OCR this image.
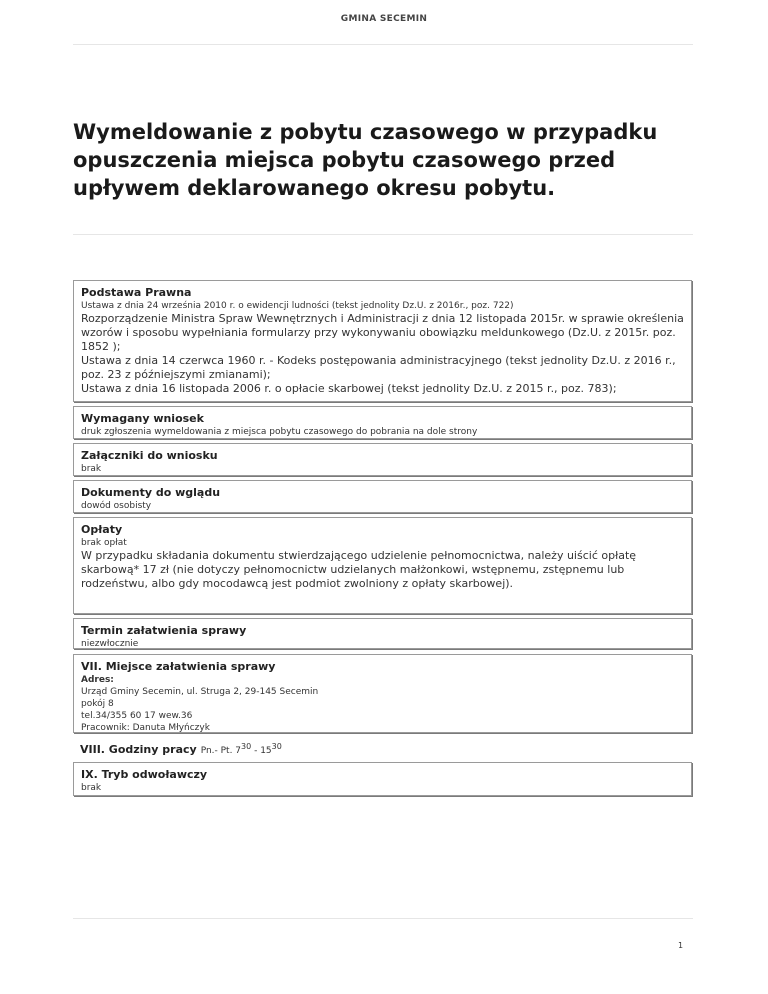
GMINA SECEMIN
Wymeldowanie z pobytu czasowego w przypadku opuszczenia miejsca pobytu czasowego przed upływem deklarowanego okresu pobytu.
Podstawa Prawna
Ustawa z dnia 24 września 2010 r. o ewidencji ludności (tekst jednolity Dz.U. z 2016r., poz. 722)
Rozporządzenie Ministra Spraw Wewnętrznych i Administracji z dnia 12 listopada 2015r. w sprawie określenia wzorów i sposobu wypełniania formularzy przy wykonywaniu obowiązku meldunkowego (Dz.U. z 2015r. poz. 1852 );
Ustawa z dnia 14 czerwca 1960 r. - Kodeks postępowania administracyjnego (tekst jednolity Dz.U. z 2016 r., poz. 23 z późniejszymi zmianami);
Ustawa z dnia 16 listopada 2006 r. o opłacie skarbowej (tekst jednolity Dz.U. z 2015 r., poz. 783);
Wymagany wniosek
druk zgłoszenia wymeldowania z miejsca pobytu czasowego do pobrania na dole strony
Załączniki do wniosku
brak
Dokumenty do wglądu
dowód osobisty
Opłaty
brak opłat
W przypadku składania dokumentu stwierdzającego udzielenie pełnomocnictwa, należy uiścić opłatę skarbową* 17 zł (nie dotyczy pełnomocnictw udzielanych małżonkowi, wstępnemu, zstępnemu lub rodzeństwu, albo gdy mocodawcą jest podmiot zwolniony z opłaty skarbowej).
Termin załatwienia sprawy
niezwłocznie
VII. Miejsce załatwienia sprawy
Adres:
Urząd Gminy Secemin, ul. Struga 2, 29-145 Secemin
pokój 8
tel.34/355 60 17 wew.36
Pracownik: Danuta Młyńczyk
VIII. Godziny pracy Pn.- Pt. $7^{30} - 15^{30}$
IX. Tryb odwoławczy
brak
1
